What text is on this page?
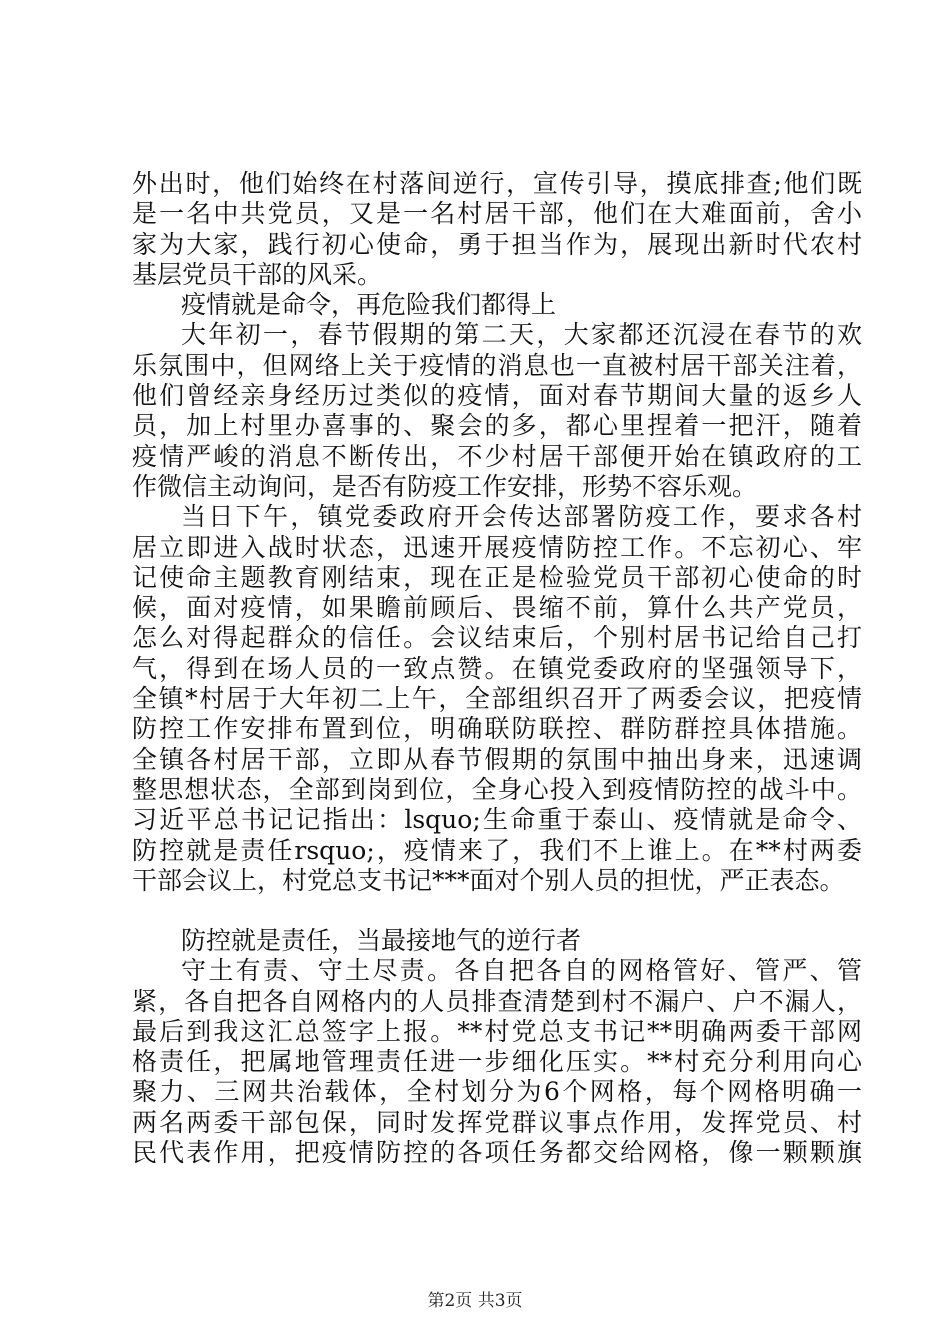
外出时，他们始终在村落间逆行，宣传引导，摸底排查;他们既
是一名中共党员，又是一名村居干部，他们在大难面前，舍小
家为大家，践行初心使命，勇于担当作为，展现出新时代农村
基层党员干部的风采。
疫情就是命令，再危险我们都得上
大年初一，春节假期的第二天，大家都还沉浸在春节的欢
乐氛围中，但网络上关于疫情的消息也一直被村居干部关注着，
他们曾经亲身经历过类似的疫情，面对春节期间大量的返乡人
员，加上村里办喜事的、聚会的多，都心里捏着一把汗，随着
疫情严峻的消息不断传出，不少村居干部便开始在镇政府的工
作微信主动询问，是否有防疫工作安排，形势不容乐观。
当日下午，镇党委政府开会传达部署防疫工作，要求各村
居立即进入战时状态，迅速开展疫情防控工作。不忘初心、牢
记使命主题教育刚结束，现在正是检验党员干部初心使命的时
候，面对疫情，如果瞻前顾后、畏缩不前，算什么共产党员，
怎么对得起群众的信任。会议结束后，个别村居书记给自己打
气，得到在场人员的一致点赞。在镇党委政府的坚强领导下，
全镇*村居于大年初二上午，全部组织召开了两委会议，把疫情
防控工作安排布置到位，明确联防联控、群防群控具体措施。
全镇各村居干部，立即从春节假期的氛围中抽出身来，迅速调
整思想状态，全部到岗到位，全身心投入到疫情防控的战斗中。
习近平总书记记指出：lsquo;生命重于泰山、疫情就是命令、
防控就是责任rsquo;，疫情来了，我们不上谁上。在**村两委
干部会议上，村党总支书记***面对个别人员的担忧，严正表态。
防控就是责任，当最接地气的逆行者
守土有责、守土尽责。各自把各自的网格管好、管严、管
紧，各自把各自网格内的人员排查清楚到村不漏户、户不漏人，
最后到我这汇总签字上报。**村党总支书记**明确两委干部网
格责任，把属地管理责任进一步细化压实。**村充分利用向心
聚力、三网共治载体，全村划分为6个网格，每个网格明确一
两名两委干部包保，同时发挥党群议事点作用，发挥党员、村
民代表作用，把疫情防控的各项任务都交给网格，像一颗颗旗
第2页 共3页
